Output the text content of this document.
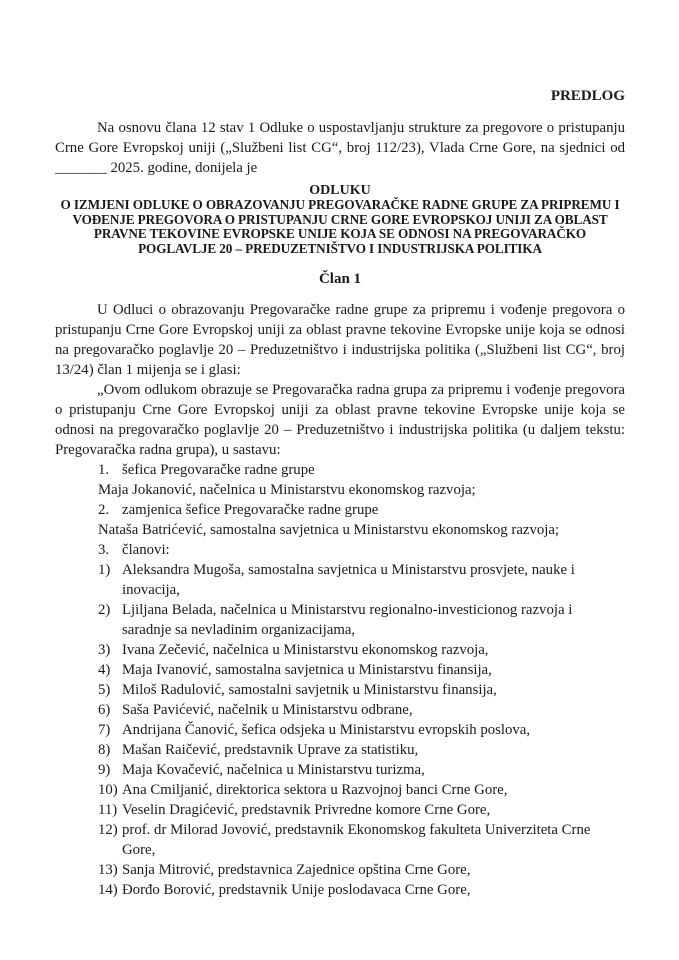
PREDLOG

Na osnovu člana 12 stav 1 Odluke o uspostavljanju strukture za pregovore o pristupanju Crne Gore Evropskoj uniji („Službeni list CG“, broj 112/23), Vlada Crne Gore, na sjednici od _______ 2025. godine, donijela je

ODLUKU
O IZMJENI ODLUKE O OBRAZOVANJU PREGOVARAČKE RADNE GRUPE ZA PRIPREMU I VOĐENJE PREGOVORA O PRISTUPANJU CRNE GORE EVROPSKOJ UNIJI ZA OBLAST PRAVNE TEKOVINE EVROPSKE UNIJE KOJA SE ODNOSI NA PREGOVARAČKO POGLAVLJE 20 – PREDUZETNIŠTVO I INDUSTRIJSKA POLITIKA
Član 1

U Odluci o obrazovanju Pregovaračke radne grupe za pripremu i vođenje pregovora o pristupanju Crne Gore Evropskoj uniji za oblast pravne tekovine Evropske unije koja se odnosi na pregovaračko poglavlje 20 – Preduzetništvo i industrijska politika („Službeni list CG“, broj 13/24) član 1 mijenja se i glasi:

„Ovom odlukom obrazuje se Pregovaračka radna grupa za pripremu i vođenje pregovora o pristupanju Crne Gore Evropskoj uniji za oblast pravne tekovine Evropske unije koja se odnosi na pregovaračko poglavlje 20 – Preduzetništvo i industrijska politika (u daljem tekstu: Pregovaračka radna grupa), u sastavu:

1. šefica Pregovaračke radne grupe
Maja Jokanović, načelnica u Ministarstvu ekonomskog razvoja;
2. zamjenica šefice Pregovaračke radne grupe
Nataša Batrićević, samostalna savjetnica u Ministarstvu ekonomskog razvoja;
3. članovi:
1) Aleksandra Mugoša, samostalna savjetnica u Ministarstvu prosvjete, nauke i inovacija,
2) Ljiljana Belada, načelnica u Ministarstvu regionalno-investicionog razvoja i saradnje sa nevladinim organizacijama,
3) Ivana Zečević, načelnica u Ministarstvu ekonomskog razvoja,
4) Maja Ivanović, samostalna savjetnica u Ministarstvu finansija,
5) Miloš Radulović, samostalni savjetnik u Ministarstvu finansija,
6) Saša Pavićević, načelnik u Ministarstvu odbrane,
7) Andrijana Čanović, šefica odsjeka u Ministarstvu evropskih poslova,
8) Mašan Raičević, predstavnik Uprave za statistiku,
9) Maja Kovačević, načelnica u Ministarstvu turizma,
10) Ana Cmiljanić, direktorica sektora u Razvojnoj banci Crne Gore,
11) Veselin Dragićević, predstavnik Privredne komore Crne Gore,
12) prof. dr Milorad Jovović, predstavnik Ekonomskog fakulteta Univerziteta Crne Gore,
13) Sanja Mitrović, predstavnica Zajednice opština Crne Gore,
14) Đorđo Borović, predstavnik Unije poslodavaca Crne Gore,
